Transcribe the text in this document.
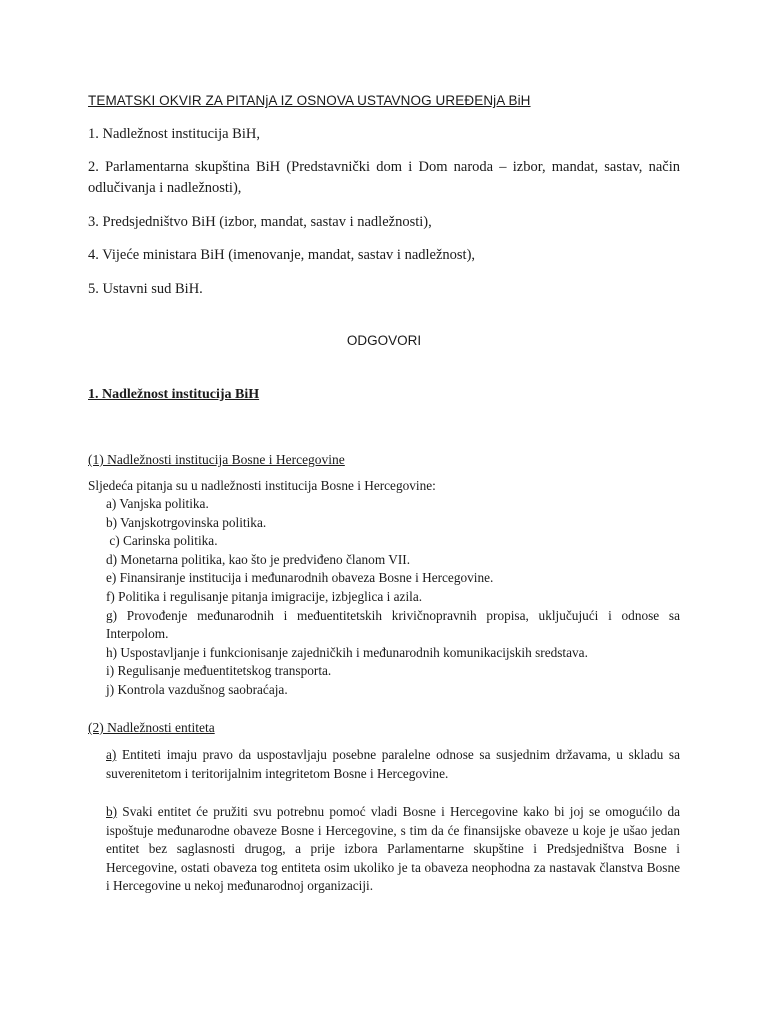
TEMATSKI OKVIR ZA PITANјA IZ OSNOVA USTAVNOG UREĐENјA BiH

1. Nadležnost institucija BiH,

2. Parlamentarna skupština BiH (Predstavnički dom i Dom naroda – izbor, mandat, sastav, način odlučivanja i nadležnosti),

3. Predsjedništvo BiH (izbor, mandat, sastav i nadležnosti),

4. Vijeće ministara BiH (imenovanje, mandat, sastav i nadležnost),

5. Ustavni sud BiH.

ODGOVORI

1. Nadležnost institucija BiH

(1) Nadležnosti institucija Bosne i Hercegovine

Sljedeća pitanja su u nadležnosti institucija Bosne i Hercegovine:

a) Vanjska politika.
b) Vanjskotrgovinska politika.
c) Carinska politika.
d) Monetarna politika, kao što je predviđeno članom VII.
e) Finansiranje institucija i međunarodnih obaveza Bosne i Hercegovine.
f) Politika i regulisanje pitanja imigracije, izbjeglica i azila.
g) Provođenje međunarodnih i međuentitetskih krivičnopravnih propisa, uključujući i odnose sa Interpolom.
h) Uspostavljanje i funkcionisanje zajedničkih i međunarodnih komunikacijskih sredstava.
i) Regulisanje međuentitetskog transporta.
j) Kontrola vazdušnog saobraćaja.

(2) Nadležnosti entiteta

a) Entiteti imaju pravo da uspostavljaju posebne paralelne odnose sa susjednim državama, u skladu sa suverenitetom i teritorijalnim integritetom Bosne i Hercegovine.

b) Svaki entitet će pružiti svu potrebnu pomoć vladi Bosne i Hercegovine kako bi joj se omogućilo da ispoštuje međunarodne obaveze Bosne i Hercegovine, s tim da će finansijske obaveze u koje je ušao jedan entitet bez saglasnosti drugog, a prije izbora Parlamentarne skupštine i Predsjedništva Bosne i Hercegovine, ostati obaveza tog entiteta osim ukoliko je ta obaveza neophodna za nastavak članstva Bosne i Hercegovine u nekoj međunarodnoj organizaciji.
